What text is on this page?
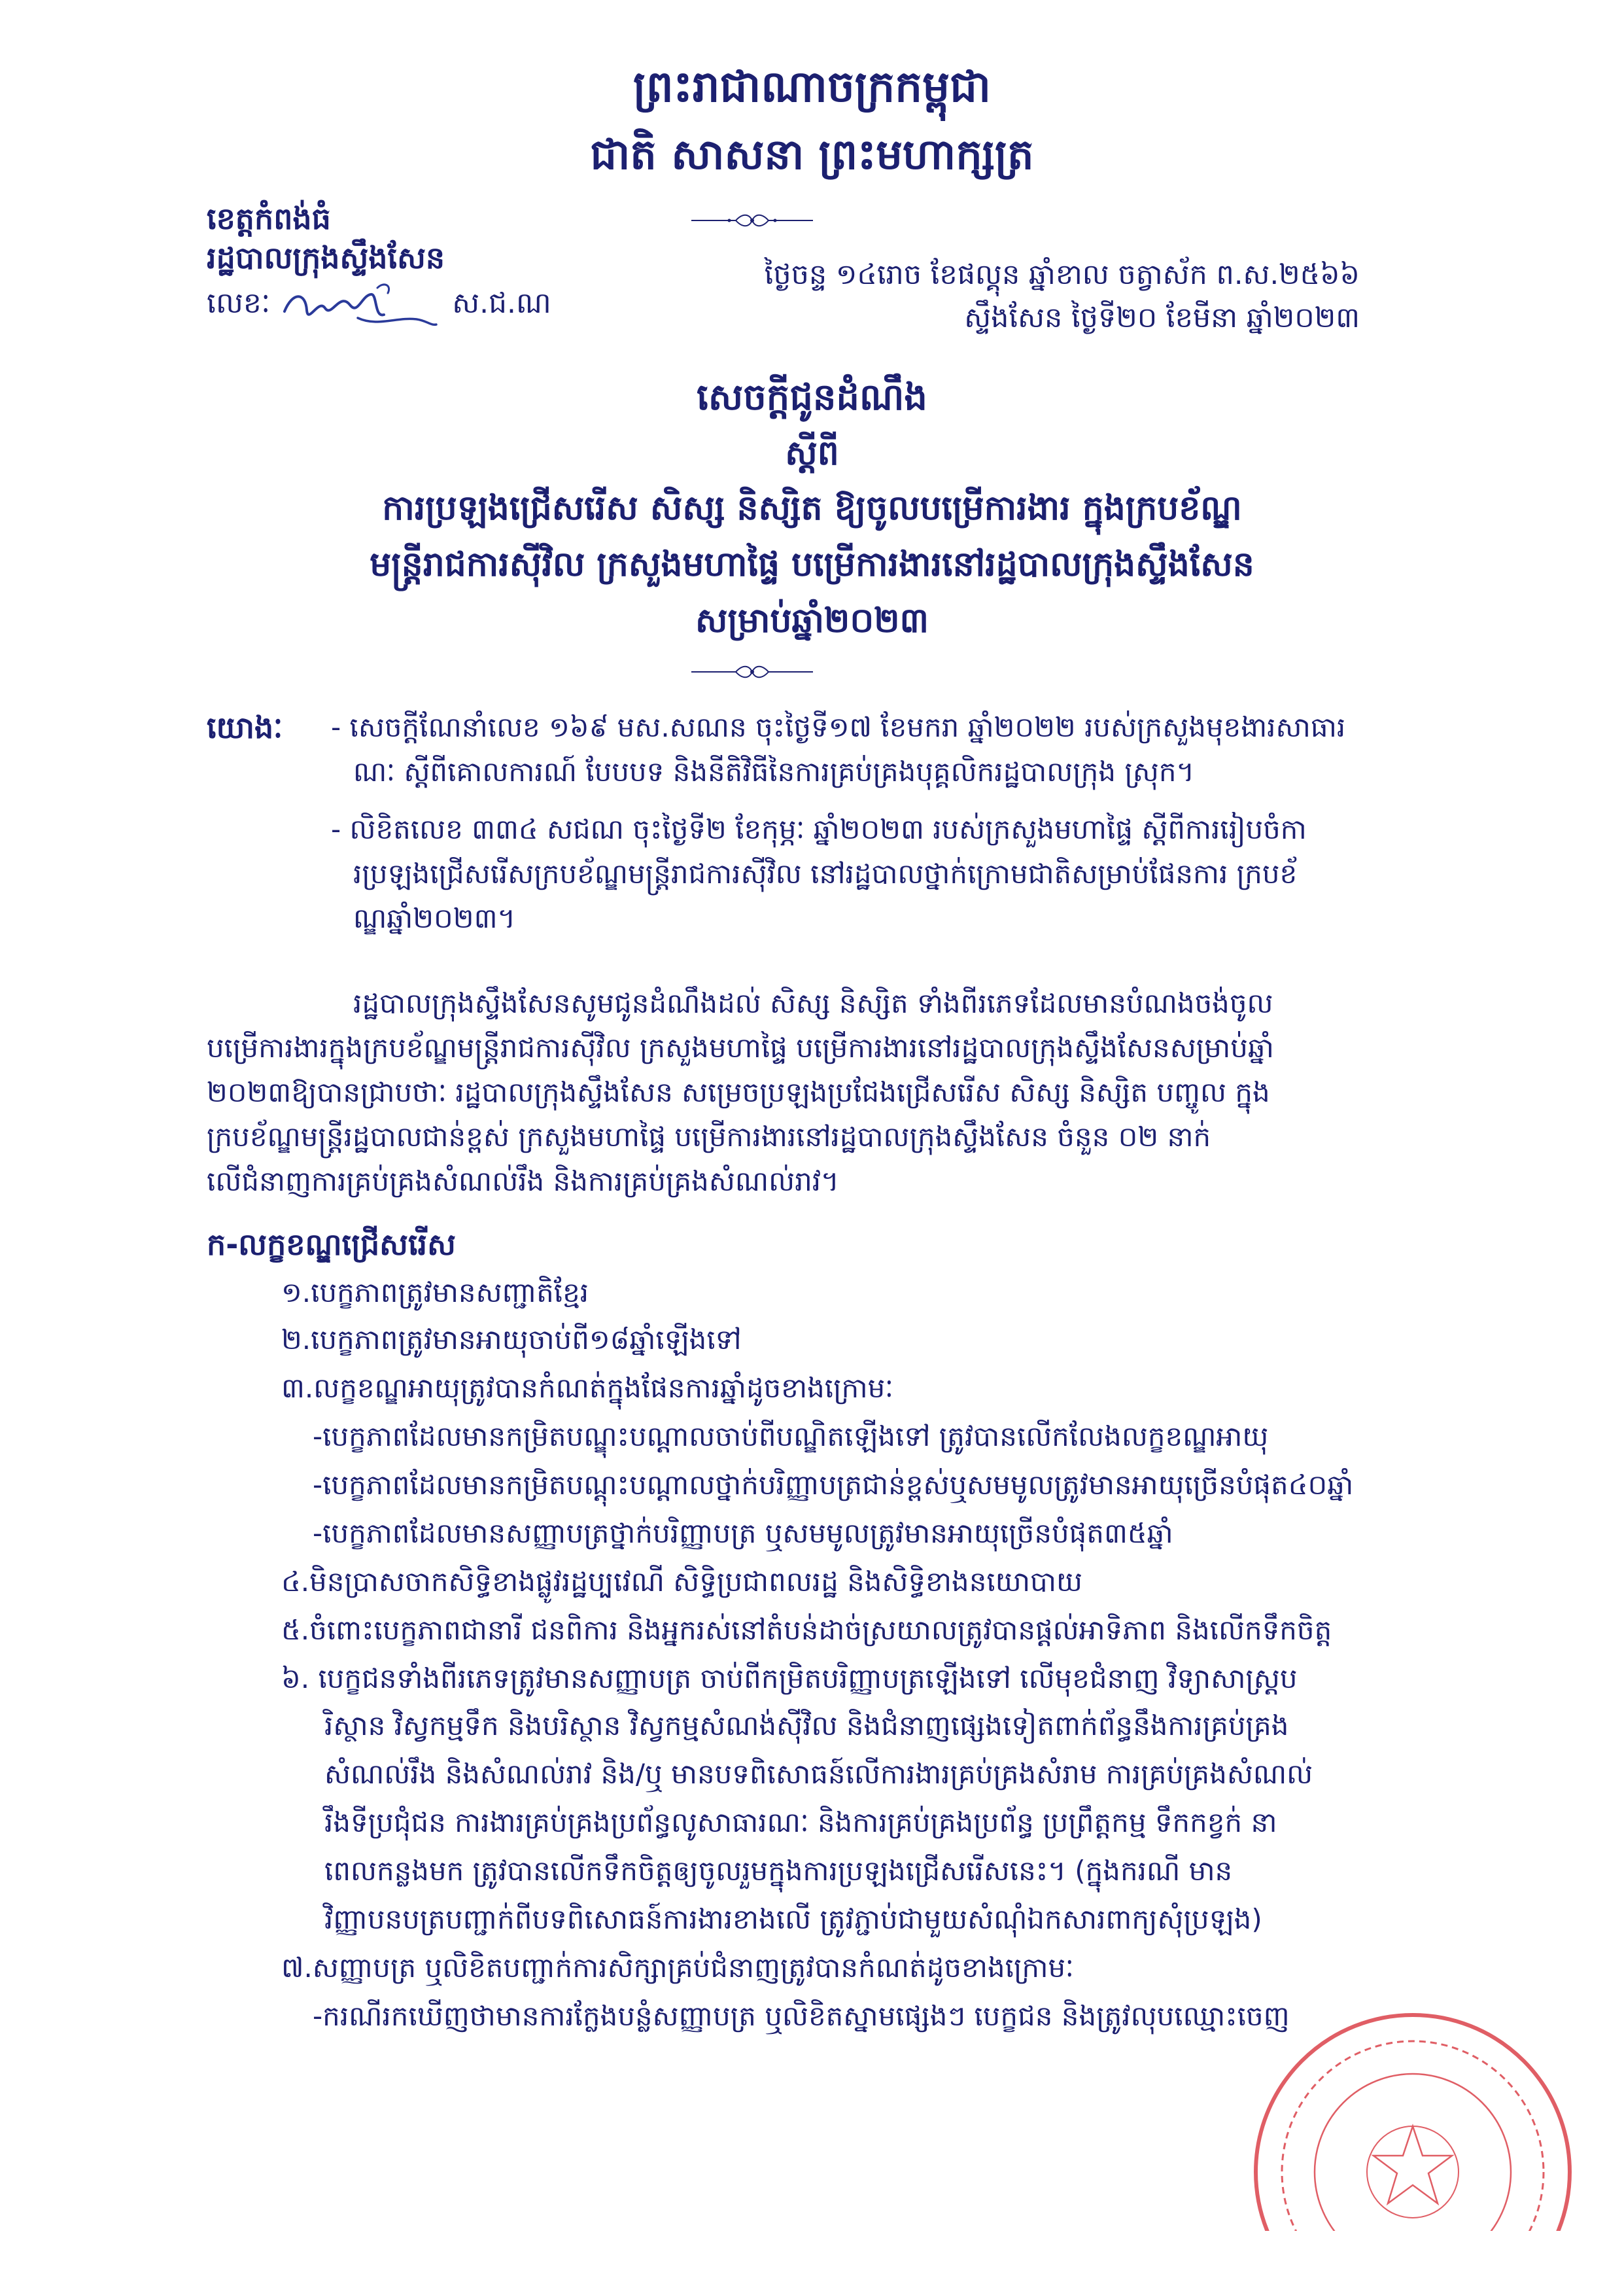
ព្រះរាជាណាចក្រកម្ពុជា
ជាតិ សាសនា ព្រះមហាក្សត្រ
ខេត្តកំពង់ធំ
រដ្ឋបាលក្រុងស្ទឹងសែន
លេខៈ	ស.ជ.ណ
ថ្ងៃចន្ទ ១៤រោច ខែផល្គុន ឆ្នាំខាល ចត្វាស័ក ព.ស.២៥៦៦
ស្ទឹងសែន ថ្ងៃទី២០ ខែមីនា ឆ្នាំ២០២៣
សេចក្តីជូនដំណឹង
ស្តីពី
ការប្រឡងជ្រើសរើស សិស្ស និស្សិត ឱ្យចូលបម្រើការងារ ក្នុងក្របខ័ណ្ឌ
មន្ត្រីរាជការស៊ីវិល ក្រសួងមហាផ្ទៃ បម្រើការងារនៅរដ្ឋបាលក្រុងស្ទឹងសែន
សម្រាប់ឆ្នាំ២០២៣
យោងៈ - សេចក្តីណែនាំលេខ ១៦៩ មស.សណន ចុះថ្ងៃទី១៧ ខែមករា ឆ្នាំ២០២២ របស់ក្រសួងមុខងារសាធារ
ណៈ ស្តីពីគោលការណ៍ បែបបទ និងនីតិវិធីនៃការគ្រប់គ្រងបុគ្គលិករដ្ឋបាលក្រុង ស្រុក។
- លិខិតលេខ ៣៣៤ សជណ ចុះថ្ងៃទី២ ខែកុម្ភៈ ឆ្នាំ២០២៣ របស់ក្រសួងមហាផ្ទៃ ស្តីពីការរៀបចំកា
រប្រឡងជ្រើសរើសក្របខ័ណ្ឌមន្ត្រីរាជការស៊ីវិល នៅរដ្ឋបាលថ្នាក់ក្រោមជាតិសម្រាប់ផែនការ ក្របខ័
ណ្ឌឆ្នាំ២០២៣។
រដ្ឋបាលក្រុងស្ទឹងសែនសូមជូនដំណឹងដល់ សិស្ស និស្សិត ទាំងពីរភេទដែលមានបំណងចង់ចូល
បម្រើការងារក្នុងក្របខ័ណ្ឌមន្ត្រីរាជការស៊ីវិល ក្រសួងមហាផ្ទៃ បម្រើការងារនៅរដ្ឋបាលក្រុងស្ទឹងសែនសម្រាប់ឆ្នាំ
២០២៣ឱ្យបានជ្រាបថាៈ រដ្ឋបាលក្រុងស្ទឹងសែន សម្រេចប្រឡងប្រជែងជ្រើសរើស សិស្ស និស្សិត បញ្ចូល ក្នុង
ក្របខ័ណ្ឌមន្ត្រីរដ្ឋបាលជាន់ខ្ពស់ ក្រសួងមហាផ្ទៃ បម្រើការងារនៅរដ្ឋបាលក្រុងស្ទឹងសែន ចំនួន ០២ នាក់
លើជំនាញការគ្រប់គ្រងសំណល់រឹង និងការគ្រប់គ្រងសំណល់រាវ។
ក-លក្ខខណ្ឌជ្រើសរើស
១.បេក្ខភាពត្រូវមានសញ្ជាតិខ្មែរ
២.បេក្ខភាពត្រូវមានអាយុចាប់ពី១៨ឆ្នាំឡើងទៅ
៣.លក្ខខណ្ឌអាយុត្រូវបានកំណត់ក្នុងផែនការឆ្នាំដូចខាងក្រោមៈ
-បេក្ខភាពដែលមានកម្រិតបណ្ឌុះបណ្តាលចាប់ពីបណ្ឌិតឡើងទៅ ត្រូវបានលើកលែងលក្ខខណ្ឌអាយុ
-បេក្ខភាពដែលមានកម្រិតបណ្តុះបណ្តាលថ្នាក់បរិញ្ញាបត្រជាន់ខ្ពស់ឬសមមូលត្រូវមានអាយុច្រើនបំផុត៤០ឆ្នាំ
-បេក្ខភាពដែលមានសញ្ញាបត្រថ្នាក់បរិញ្ញាបត្រ ឬសមមូលត្រូវមានអាយុច្រើនបំផុត៣៥ឆ្នាំ
៤.មិនប្រាសចាកសិទ្ធិខាងផ្លូវរដ្ឋប្បវេណី សិទ្ធិប្រជាពលរដ្ឋ និងសិទ្ធិខាងនយោបាយ
៥.ចំពោះបេក្ខភាពជានារី ជនពិការ និងអ្នករស់នៅតំបន់ដាច់ស្រយាលត្រូវបានផ្តល់អាទិភាព និងលើកទឹកចិត្ត
៦. បេក្ខជនទាំងពីរភេទត្រូវមានសញ្ញាបត្រ ចាប់ពីកម្រិតបរិញ្ញាបត្រឡើងទៅ លើមុខជំនាញ វិទ្យាសាស្ត្រប
រិស្ថាន វិស្វកម្មទឹក និងបរិស្ថាន វិស្វកម្មសំណង់ស៊ីវិល និងជំនាញផ្សេងទៀតពាក់ព័ន្ធនឹងការគ្រប់គ្រង
សំណល់រឹង និងសំណល់រាវ និង/ឬ មានបទពិសោធន៍លើការងារគ្រប់គ្រងសំរាម ការគ្រប់គ្រងសំណល់
រឹងទីប្រជុំជន ការងារគ្រប់គ្រងប្រព័ន្ធលូសាធារណៈ និងការគ្រប់គ្រងប្រព័ន្ធ ប្រព្រឹត្តកម្ម ទឹកកខ្វក់ នា
ពេលកន្លងមក ត្រូវបានលើកទឹកចិត្តឲ្យចូលរួមក្នុងការប្រឡងជ្រើសរើសនេះ។ (ក្នុងករណី មាន
វិញ្ញាបនបត្របញ្ជាក់ពីបទពិសោធន៍ការងារខាងលើ ត្រូវភ្ជាប់ជាមួយសំណុំឯកសារពាក្យសុំប្រឡង)
៧.សញ្ញាបត្រ ឬលិខិតបញ្ជាក់ការសិក្សាគ្រប់ជំនាញត្រូវបានកំណត់ដូចខាងក្រោមៈ
-ករណីរកឃើញថាមានការក្លែងបន្លំសញ្ញាបត្រ ឬលិខិតស្នាមផ្សេងៗ បេក្ខជន និងត្រូវលុបឈ្មោះចេញ
